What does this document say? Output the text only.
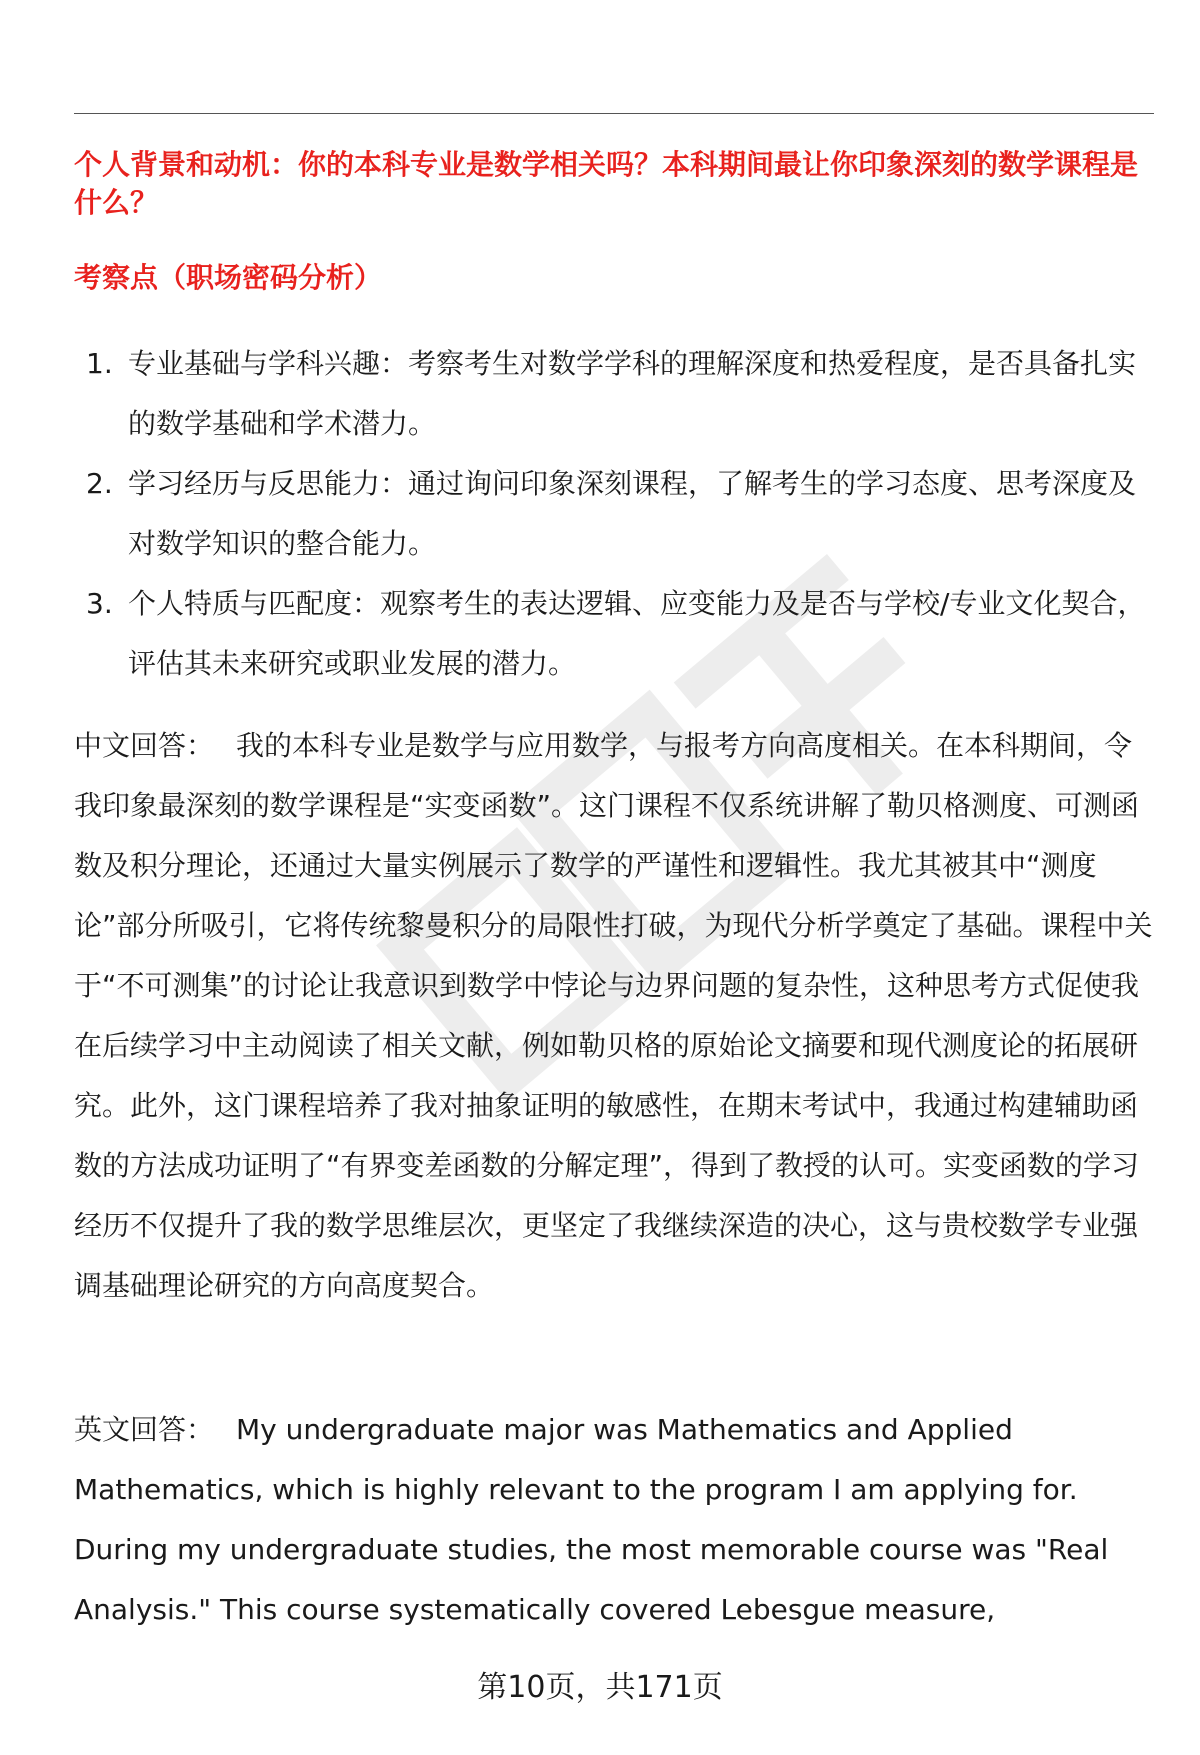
个人背景和动机：你的本科专业是数学相关吗？本科期间最让你印象深刻的数学课程是什么？
考察点（职场密码分析）
1. 专业基础与学科兴趣：考察考生对数学学科的理解深度和热爱程度，是否具备扎实的数学基础和学术潜力。
2. 学习经历与反思能力：通过询问印象深刻课程，了解考生的学习态度、思考深度及对数学知识的整合能力。
3. 个人特质与匹配度：观察考生的表达逻辑、应变能力及是否与学校/专业文化契合，评估其未来研究或职业发展的潜力。

中文回答： 我的本科专业是数学与应用数学，与报考方向高度相关。在本科期间，令我印象最深刻的数学课程是“实变函数”。这门课程不仅系统讲解了勒贝格测度、可测函数及积分理论，还通过大量实例展示了数学的严谨性和逻辑性。我尤其被其中“测度论”部分所吸引，它将传统黎曼积分的局限性打破，为现代分析学奠定了基础。课程中关于“不可测集”的讨论让我意识到数学中悖论与边界问题的复杂性，这种思考方式促使我在后续学习中主动阅读了相关文献，例如勒贝格的原始论文摘要和现代测度论的拓展研究。此外，这门课程培养了我对抽象证明的敏感性，在期末考试中，我通过构建辅助函数的方法成功证明了“有界变差函数的分解定理”，得到了教授的认可。实变函数的学习经历不仅提升了我的数学思维层次，更坚定了我继续深造的决心，这与贵校数学专业强调基础理论研究的方向高度契合。

英文回答： My undergraduate major was Mathematics and Applied Mathematics, which is highly relevant to the program I am applying for. During my undergraduate studies, the most memorable course was "Real Analysis." This course systematically covered Lebesgue measure,

第10页，共171页
